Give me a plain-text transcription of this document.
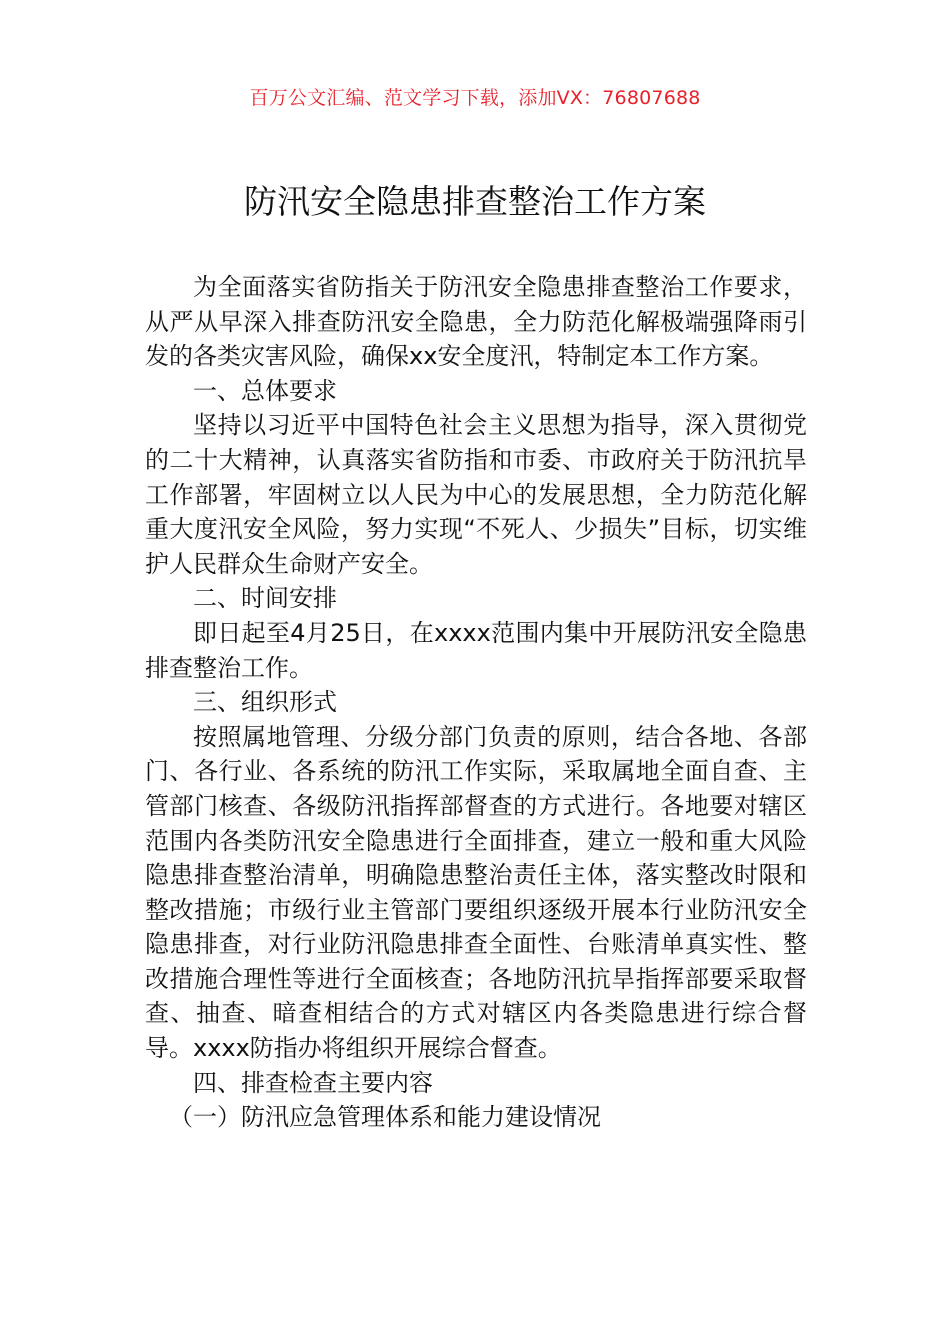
百万公文汇编、范文学习下载，添加VX：76807688
防汛安全隐患排查整治工作方案

为全面落实省防指关于防汛安全隐患排查整治工作要求，从严从早深入排查防汛安全隐患，全力防范化解极端强降雨引发的各类灾害风险，确保xx安全度汛，特制定本工作方案。

一、总体要求

坚持以习近平中国特色社会主义思想为指导，深入贯彻党的二十大精神，认真落实省防指和市委、市政府关于防汛抗旱工作部署，牢固树立以人民为中心的发展思想，全力防范化解重大度汛安全风险，努力实现“不死人、少损失”目标，切实维护人民群众生命财产安全。

二、时间安排

即日起至4月25日，在xxxx范围内集中开展防汛安全隐患排查整治工作。

三、组织形式

按照属地管理、分级分部门负责的原则，结合各地、各部门、各行业、各系统的防汛工作实际，采取属地全面自查、主管部门核查、各级防汛指挥部督查的方式进行。各地要对辖区范围内各类防汛安全隐患进行全面排查，建立一般和重大风险隐患排查整治清单，明确隐患整治责任主体，落实整改时限和整改措施；市级行业主管部门要组织逐级开展本行业防汛安全隐患排查，对行业防汛隐患排查全面性、台账清单真实性、整改措施合理性等进行全面核查；各地防汛抗旱指挥部要采取督查、抽查、暗查相结合的方式对辖区内各类隐患进行综合督导。xxxx防指办将组织开展综合督查。

四、排查检查主要内容

（一）防汛应急管理体系和能力建设情况
